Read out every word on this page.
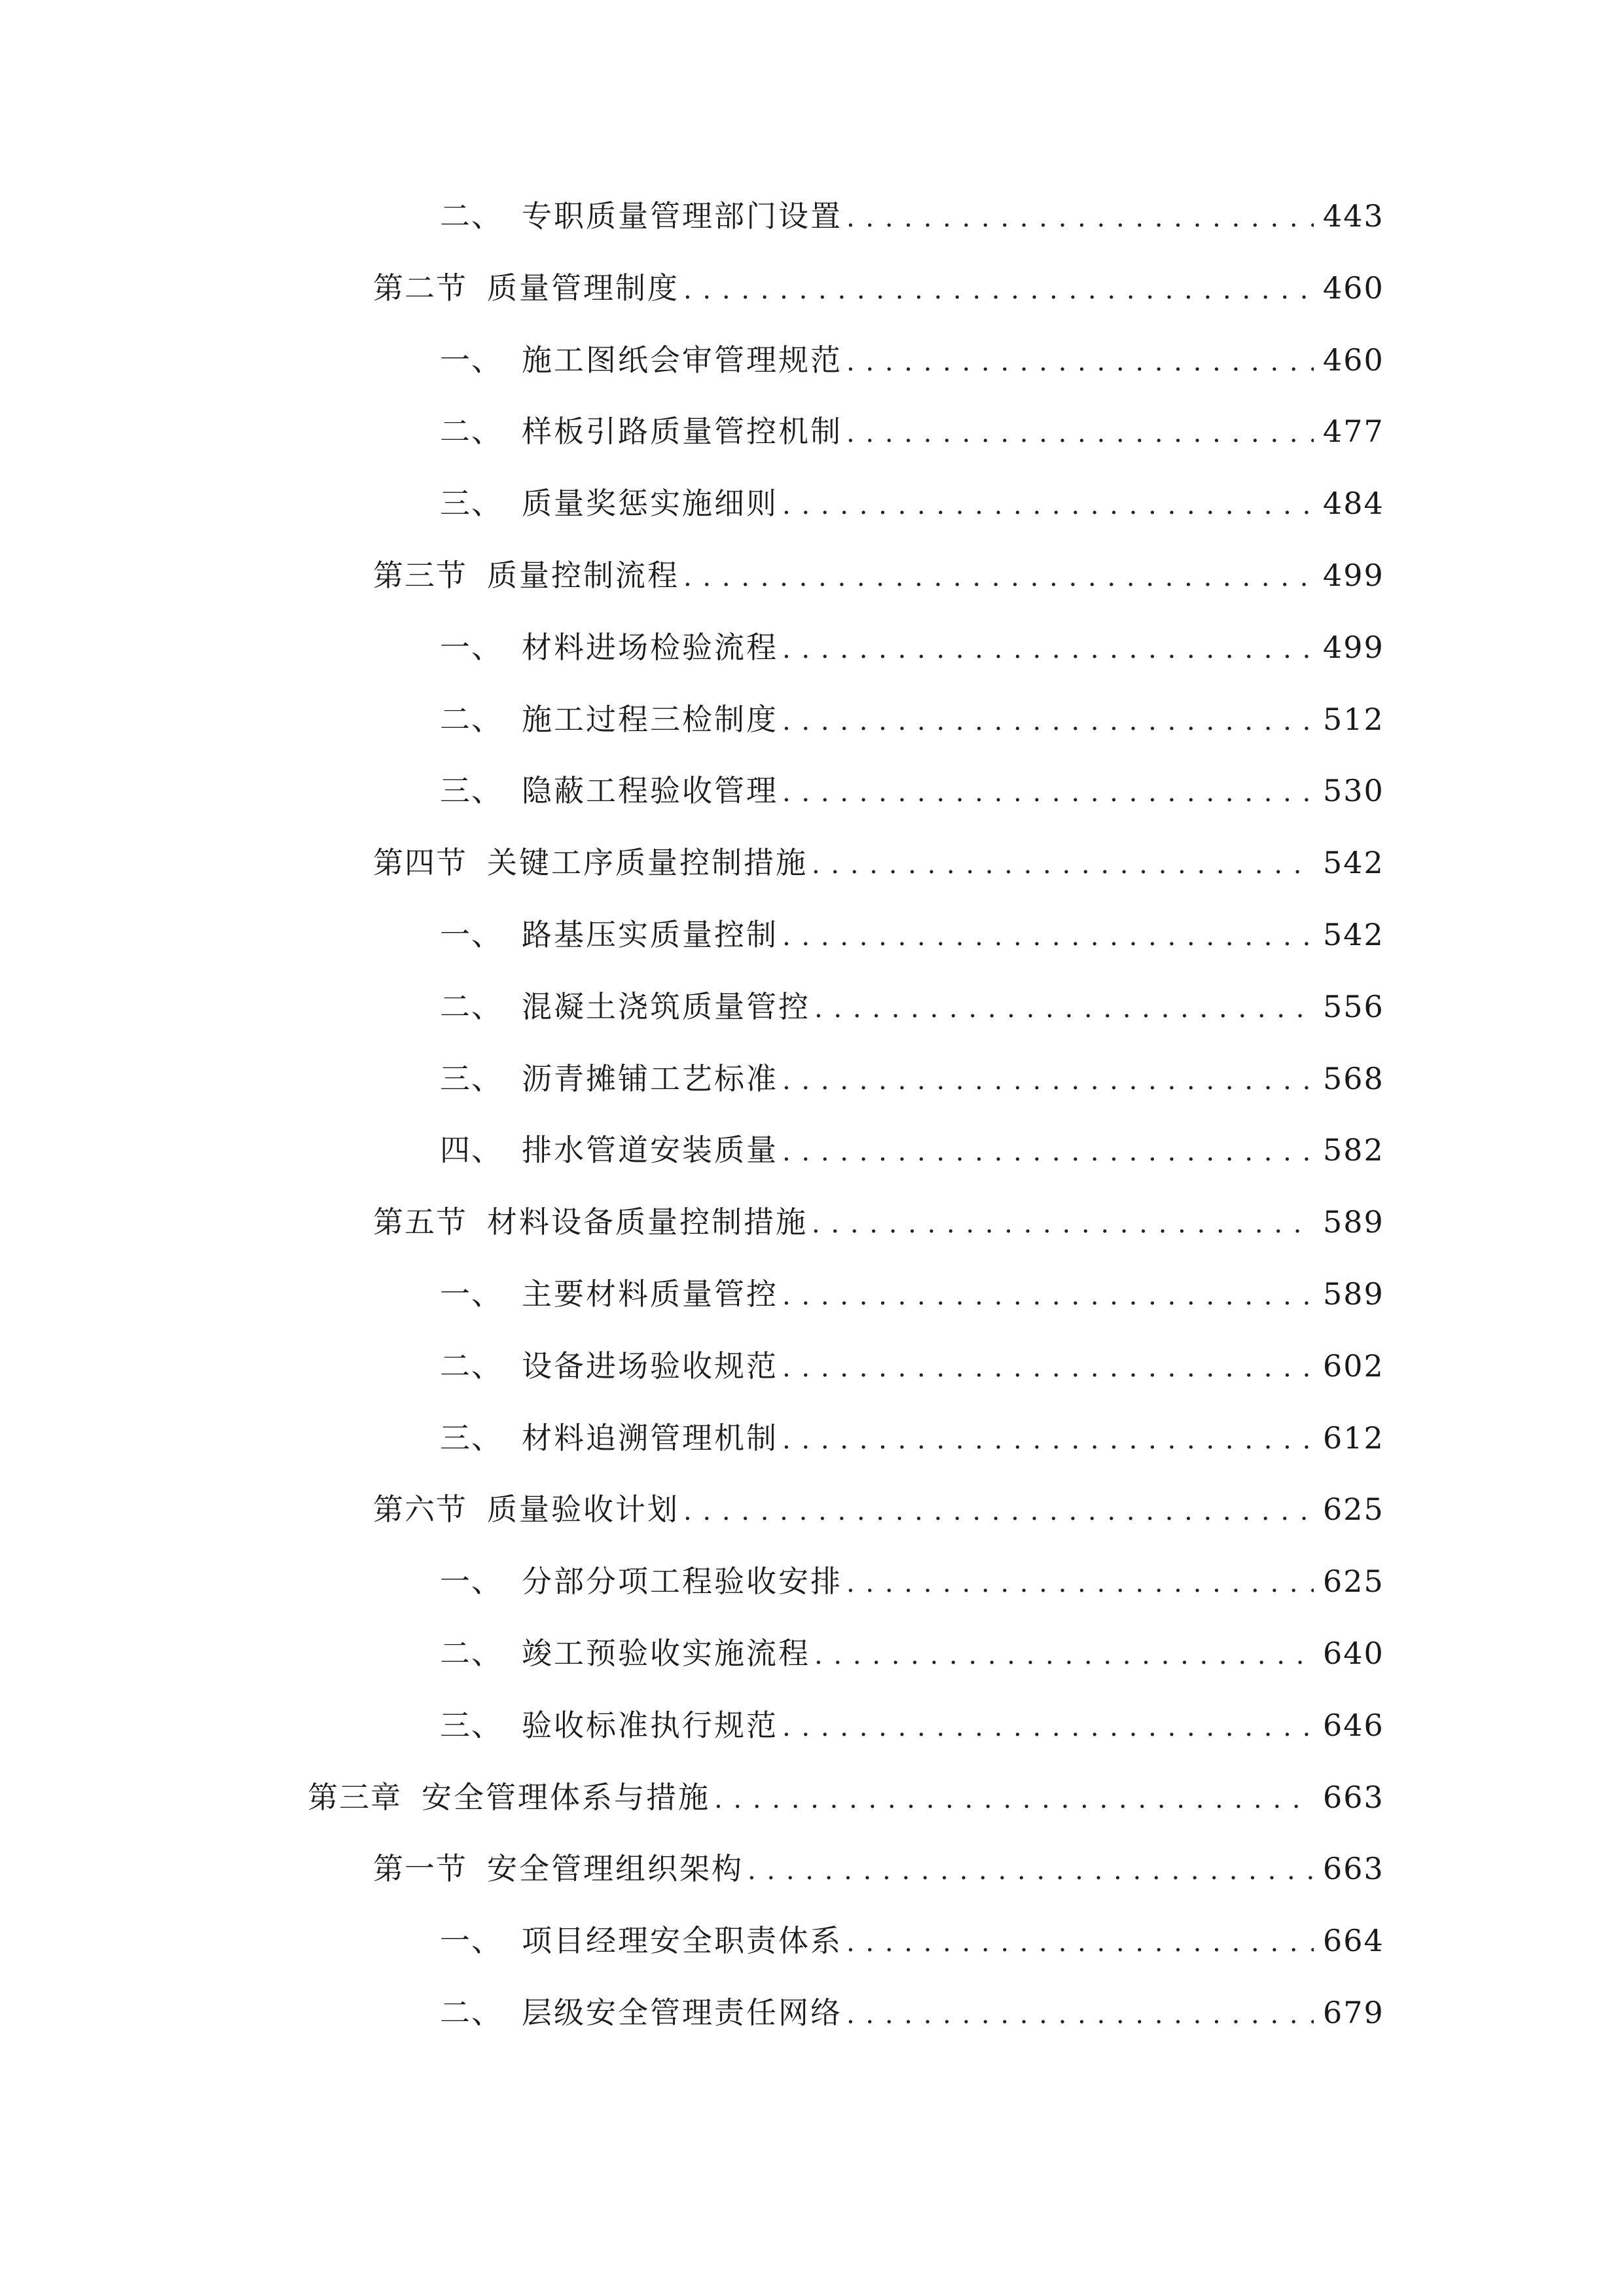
二、 专职质量管理部门设置 . . .	443
第二节 质量管理制度 . . .	460
一、 施工图纸会审管理规范 . . .	460
二、 样板引路质量管控机制 . . .	477
三、 质量奖惩实施细则 . . .	484
第三节 质量控制流程 . . .	499
一、 材料进场检验流程 . . .	499
二、 施工过程三检制度 . . .	512
三、 隐蔽工程验收管理 . . .	530
第四节 关键工序质量控制措施 . . .	542
一、 路基压实质量控制 . . .	542
二、 混凝土浇筑质量管控 . . .	556
三、 沥青摊铺工艺标准 . . .	568
四、 排水管道安装质量 . . .	582
第五节 材料设备质量控制措施 . . .	589
一、 主要材料质量管控 . . .	589
二、 设备进场验收规范 . . .	602
三、 材料追溯管理机制 . . .	612
第六节 质量验收计划 . . .	625
一、 分部分项工程验收安排 . . .	625
二、 竣工预验收实施流程 . . .	640
三、 验收标准执行规范 . . .	646
第三章 安全管理体系与措施 . . .	663
第一节 安全管理组织架构 . . .	663
一、 项目经理安全职责体系 . . .	664
二、 层级安全管理责任网络 . . .	679
